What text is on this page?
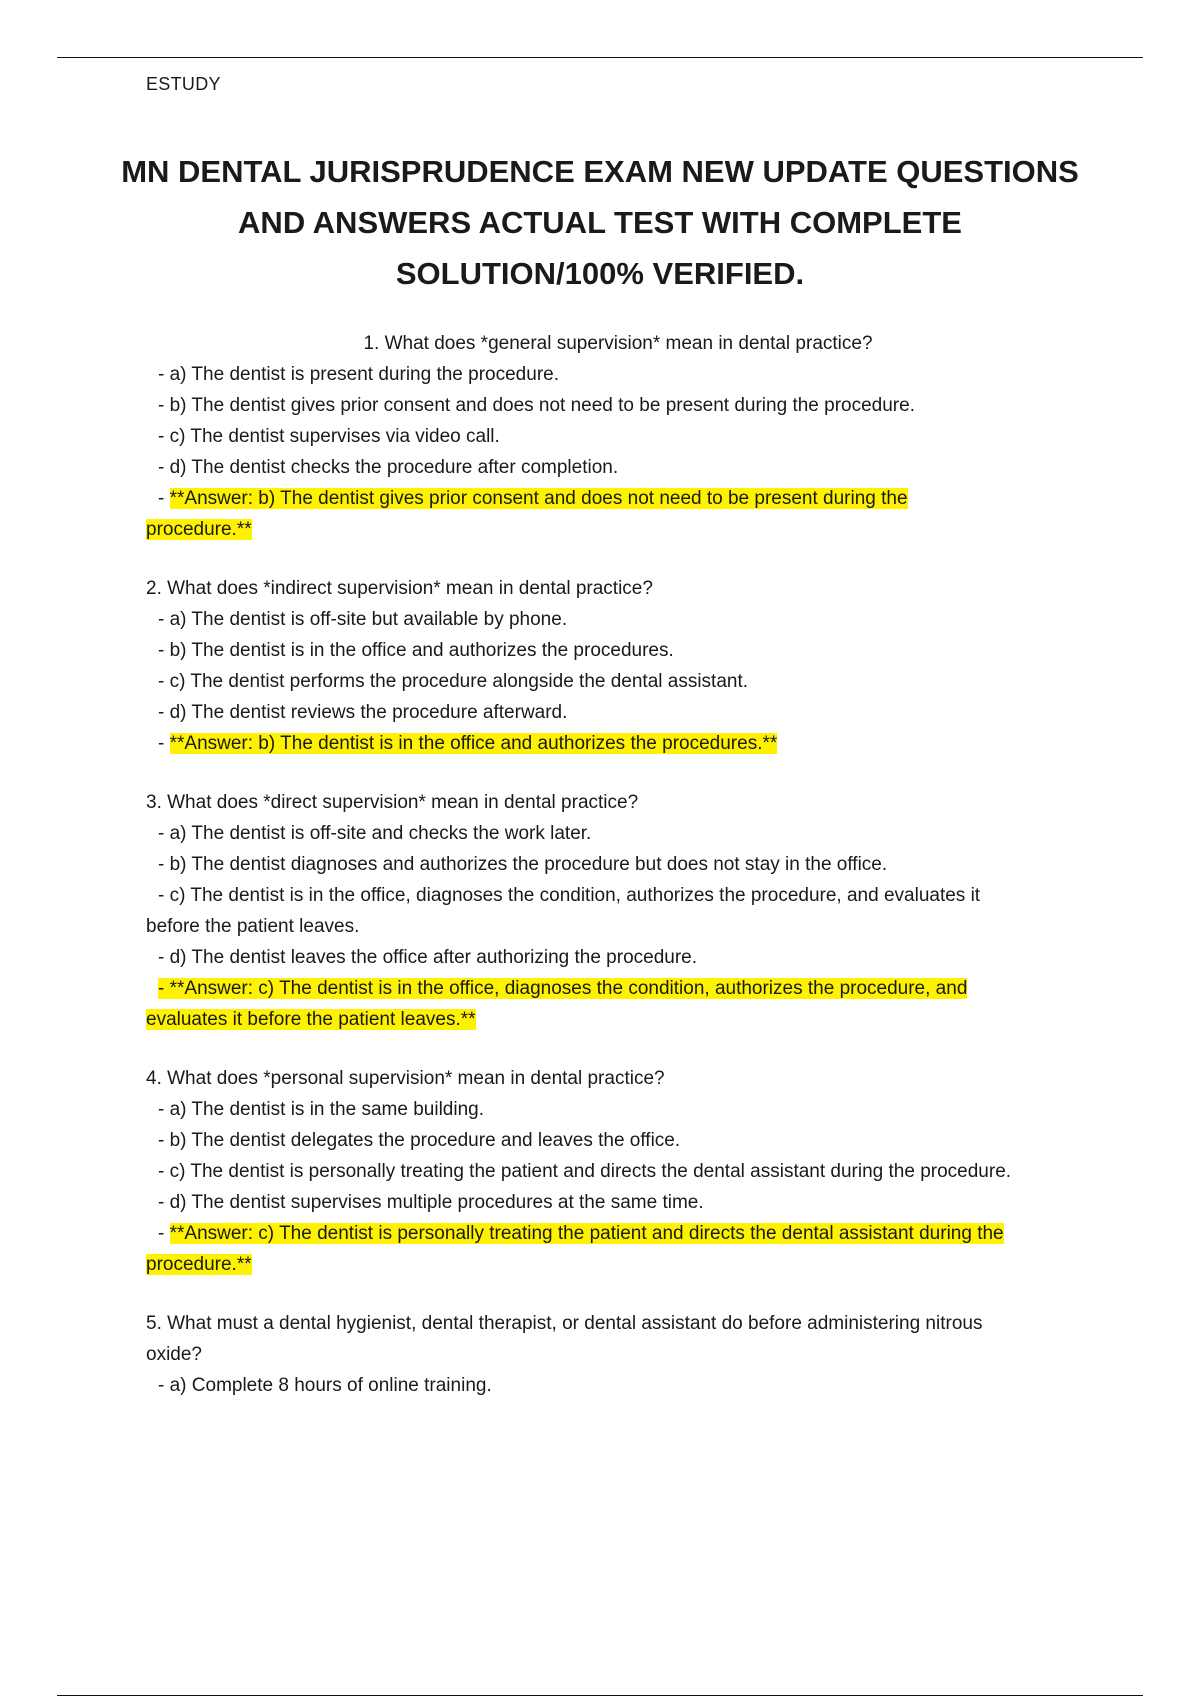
ESTUDY
MN DENTAL JURISPRUDENCE EXAM NEW UPDATE QUESTIONS
AND ANSWERS ACTUAL TEST WITH COMPLETE
SOLUTION/100% VERIFIED.
1. What does *general supervision* mean in dental practice?
- a) The dentist is present during the procedure.
- b) The dentist gives prior consent and does not need to be present during the procedure.
- c) The dentist supervises via video call.
- d) The dentist checks the procedure after completion.
- **Answer: b) The dentist gives prior consent and does not need to be present during the
procedure.**
2. What does *indirect supervision* mean in dental practice?
- a) The dentist is off-site but available by phone.
- b) The dentist is in the office and authorizes the procedures.
- c) The dentist performs the procedure alongside the dental assistant.
- d) The dentist reviews the procedure afterward.
- **Answer: b) The dentist is in the office and authorizes the procedures.**
3. What does *direct supervision* mean in dental practice?
- a) The dentist is off-site and checks the work later.
- b) The dentist diagnoses and authorizes the procedure but does not stay in the office.
- c) The dentist is in the office, diagnoses the condition, authorizes the procedure, and evaluates it
before the patient leaves.
- d) The dentist leaves the office after authorizing the procedure.
- **Answer: c) The dentist is in the office, diagnoses the condition, authorizes the procedure, and
evaluates it before the patient leaves.**
4. What does *personal supervision* mean in dental practice?
- a) The dentist is in the same building.
- b) The dentist delegates the procedure and leaves the office.
- c) The dentist is personally treating the patient and directs the dental assistant during the procedure.
- d) The dentist supervises multiple procedures at the same time.
- **Answer: c) The dentist is personally treating the patient and directs the dental assistant during the
procedure.**
5. What must a dental hygienist, dental therapist, or dental assistant do before administering nitrous
oxide?
- a) Complete 8 hours of online training.
